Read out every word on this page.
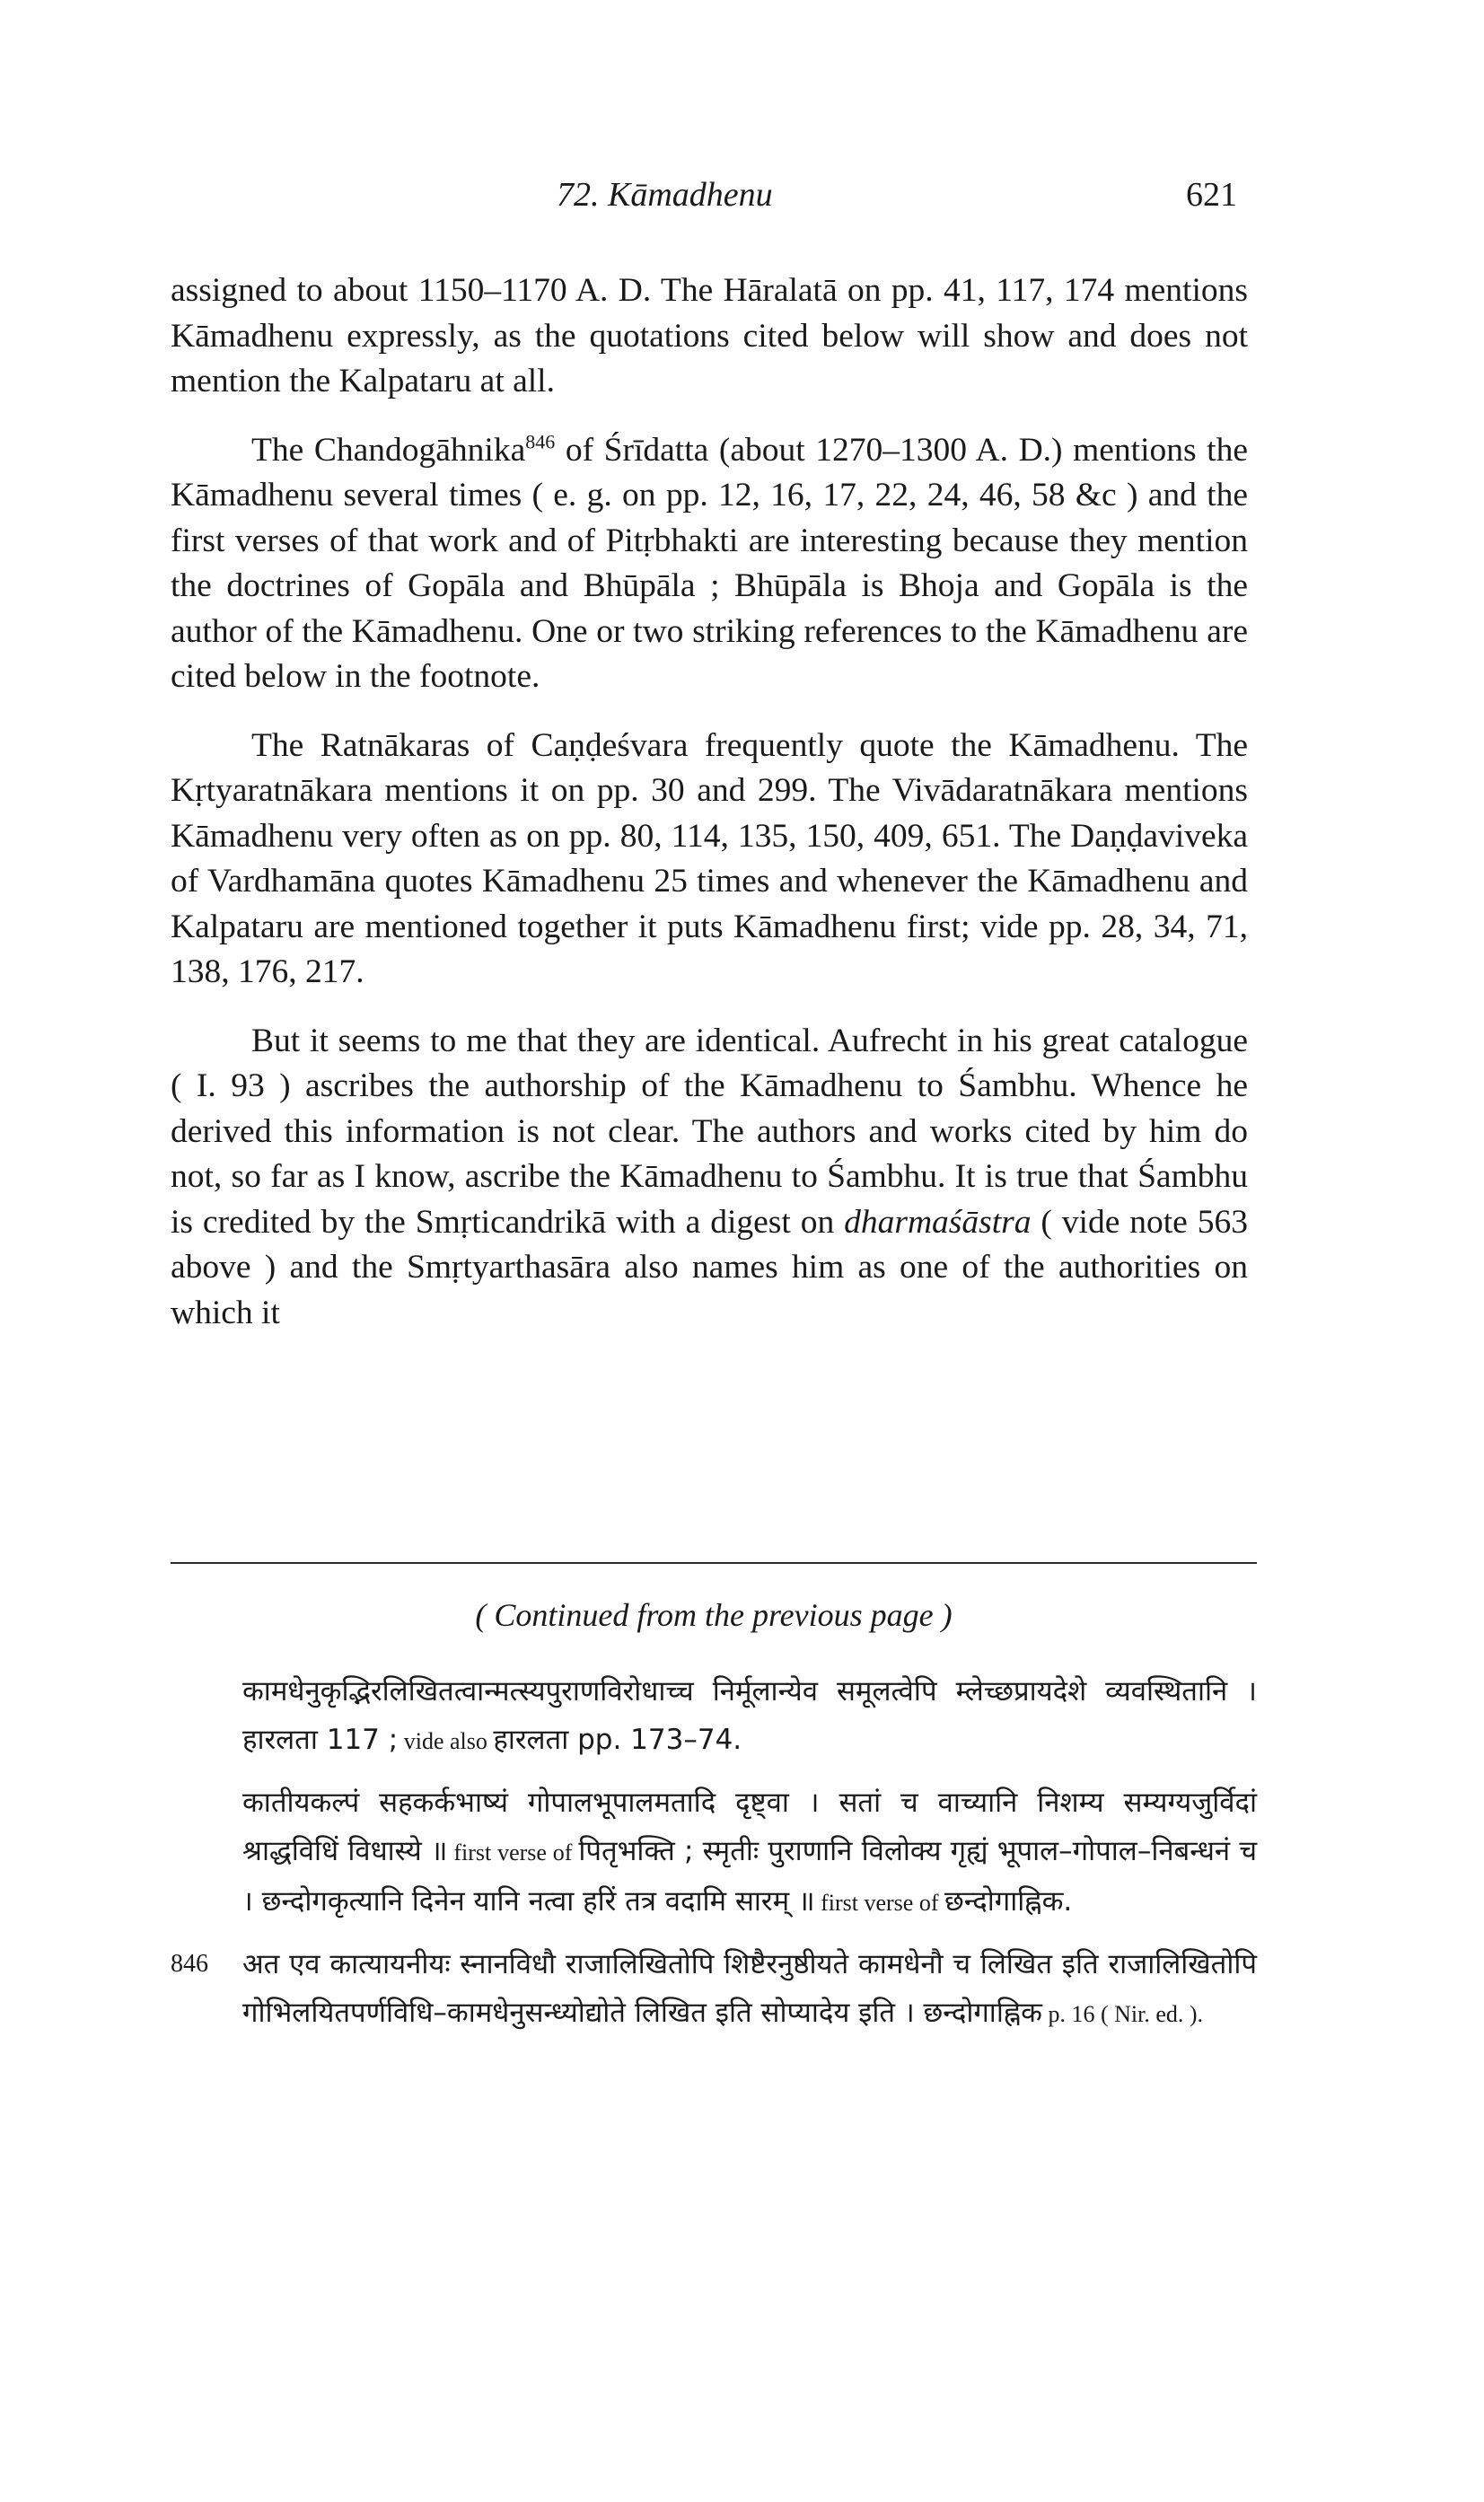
72. Kāmadhenu	621

assigned to about 1150–1170 A. D. The Hāralatā on pp. 41, 117, 174 mentions Kāmadhenu expressly, as the quotations cited below will show and does not mention the Kalpataru at all.

The Chandogāhnika$^{846}$ of Śrīdatta (about 1270–1300 A. D.) mentions the Kāmadhenu several times ( e. g. on pp. 12, 16, 17, 22, 24, 46, 58 &c ) and the first verses of that work and of Pitṛbhakti are interesting because they mention the doctrines of Gopāla and Bhūpāla ; Bhūpāla is Bhoja and Gopāla is the author of the Kāmadhenu. One or two striking references to the Kāmadhenu are cited below in the footnote.

The Ratnākaras of Caṇḍeśvara frequently quote the Kāmadhenu. The Kṛtyaratnākara mentions it on pp. 30 and 299. The Vivādaratnākara mentions Kāmadhenu very often as on pp. 80, 114, 135, 150, 409, 651. The Daṇḍaviveka of Vardhamāna quotes Kāmadhenu 25 times and whenever the Kāmadhenu and Kalpataru are mentioned together it puts Kāmadhenu first; vide pp. 28, 34, 71, 138, 176, 217.

But it seems to me that they are identical. Aufrecht in his great catalogue ( I. 93 ) ascribes the authorship of the Kāmadhenu to Śambhu. Whence he derived this information is not clear. The authors and works cited by him do not, so far as I know, ascribe the Kāmadhenu to Śambhu. It is true that Śambhu is credited by the Smṛticandrikā with a digest on dharmaśāstra ( vide note 563 above ) and the Smṛtyarthasāra also names him as one of the authorities on which it

( Continued from the previous page )
कामधेनुकृद्भिरलिखितत्वान्मत्स्यपुराणविरोधाच्च निर्मूलान्येव समूलत्वेपि म्लेच्छप्रायदेशे व्यवस्थितानि । हारलता 117 ; vide also हारलता pp. 173–74.
कातीयकल्पं सहकर्कभाष्यं गोपालभूपालमतादि दृष्ट्वा । सतां च वाच्यानि निशम्य सम्यग्यजुर्विदां श्राद्धविधिं विधास्ये ॥ first verse of पितृभक्ति ; स्मृतीः पुराणानि विलोक्य गृह्यं भूपाल–गोपाल–निबन्धनं च । छन्दोगकृत्यानि दिनेन यानि नत्वा हरिं तत्र वदामि सारम् ॥ first verse of छन्दोगाह्निक.
846	अत एव कात्यायनीयः स्नानविधौ राजालिखितोपि शिष्टैरनुष्ठीयते कामधेनौ च लिखित इति राजालिखितोपि गोभिलयितपर्णविधि–कामधेनुसन्ध्योद्योते लिखित इति सोप्यादेय इति । छन्दोगाह्निक p. 16 ( Nir. ed. ).
